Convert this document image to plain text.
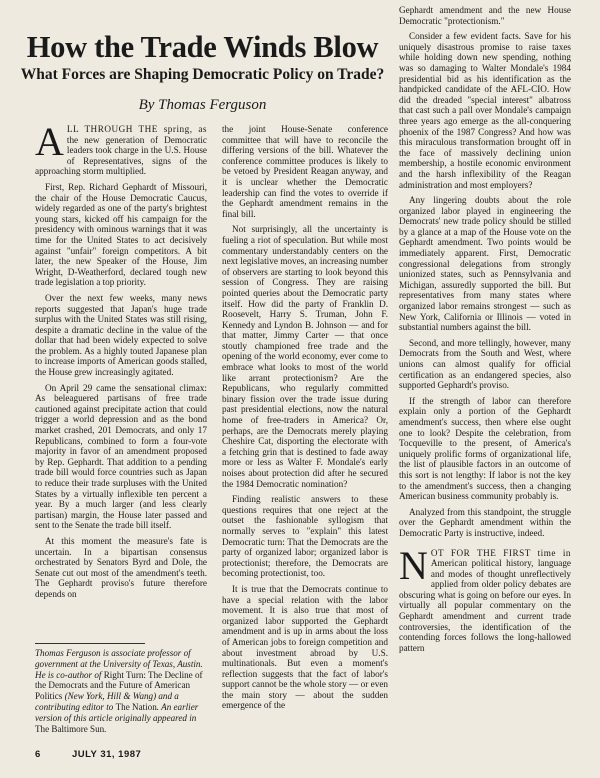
How the Trade Winds Blow
What Forces are Shaping Democratic Policy on Trade?
By Thomas Ferguson

ALL THROUGH THE spring, as the new generation of Democratic leaders took charge in the U.S. House of Representatives, signs of the approaching storm multiplied.

First, Rep. Richard Gephardt of Missouri, the chair of the House Democratic Caucus, widely regarded as one of the party's brightest young stars, kicked off his campaign for the presidency with ominous warnings that it was time for the United States to act decisively against "unfair" foreign competitors. A bit later, the new Speaker of the House, Jim Wright, D-Weatherford, declared tough new trade legislation a top priority.

Over the next few weeks, many news reports suggested that Japan's huge trade surplus with the United States was still rising, despite a dramatic decline in the value of the dollar that had been widely expected to solve the problem. As a highly touted Japanese plan to increase imports of American goods stalled, the House grew increasingly agitated.

On April 29 came the sensational climax: As beleaguered partisans of free trade cautioned against precipitate action that could trigger a world depression and as the bond market crashed, 201 Democrats, and only 17 Republicans, combined to form a four-vote majority in favor of an amendment proposed by Rep. Gephardt. That addition to a pending trade bill would force countries such as Japan to reduce their trade surpluses with the United States by a virtually inflexible ten percent a year. By a much larger (and less clearly partisan) margin, the House later passed and sent to the Senate the trade bill itself.

At this moment the measure's fate is uncertain. In a bipartisan consensus orchestrated by Senators Byrd and Dole, the Senate cut out most of the amendment's teeth. The Gephardt proviso's future therefore depends on

Thomas Ferguson is associate professor of government at the University of Texas, Austin. He is co-author of Right Turn: The Decline of the Democrats and the Future of American Politics (New York, Hill & Wang) and a contributing editor to The Nation. An earlier version of this article originally appeared in The Baltimore Sun.

the joint House-Senate conference committee that will have to reconcile the differing versions of the bill. Whatever the conference committee produces is likely to be vetoed by President Reagan anyway, and it is unclear whether the Democratic leadership can find the votes to override if the Gephardt amendment remains in the final bill.

Not surprisingly, all the uncertainty is fueling a riot of speculation. But while most commentary understandably centers on the next legislative moves, an increasing number of observers are starting to look beyond this session of Congress. They are raising pointed queries about the Democratic party itself. How did the party of Franklin D. Roosevelt, Harry S. Truman, John F. Kennedy and Lyndon B. Johnson — and for that matter, Jimmy Carter — that once stoutly championed free trade and the opening of the world economy, ever come to embrace what looks to most of the world like arrant protectionism? Are the Republicans, who regularly committed binary fission over the trade issue during past presidential elections, now the natural home of free-traders in America? Or, perhaps, are the Democrats merely playing Cheshire Cat, disporting the electorate with a fetching grin that is destined to fade away more or less as Walter F. Mondale's early noises about protection did after he secured the 1984 Democratic nomination?

Finding realistic answers to these questions requires that one reject at the outset the fashionable syllogism that normally serves to "explain" this latest Democratic turn: That the Democrats are the party of organized labor; organized labor is protectionist; therefore, the Democrats are becoming protectionist, too.

It is true that the Democrats continue to have a special relation with the labor movement. It is also true that most of organized labor supported the Gephardt amendment and is up in arms about the loss of American jobs to foreign competition and about investment abroad by U.S. multinationals. But even a moment's reflection suggests that the fact of labor's support cannot be the whole story — or even the main story — about the sudden emergence of the

Gephardt amendment and the new House Democratic "protectionism."

Consider a few evident facts. Save for his uniquely disastrous promise to raise taxes while holding down new spending, nothing was so damaging to Walter Mondale's 1984 presidential bid as his identification as the handpicked candidate of the AFL-CIO. How did the dreaded "special interest" albatross that cast such a pall over Mondale's campaign three years ago emerge as the all-conquering phoenix of the 1987 Congress? And how was this miraculous transformation brought off in the face of massively declining union membership, a hostile economic environment and the harsh inflexibility of the Reagan administration and most employers?

Any lingering doubts about the role organized labor played in engineering the Democrats' new trade policy should be stilled by a glance at a map of the House vote on the Gephardt amendment. Two points would be immediately apparent. First, Democratic congressional delegations from strongly unionized states, such as Pennsylvania and Michigan, assuredly supported the bill. But representatives from many states where organized labor remains strongest — such as New York, California or Illinois — voted in substantial numbers against the bill.

Second, and more tellingly, however, many Democrats from the South and West, where unions can almost qualify for official certification as an endangered species, also supported Gephardt's proviso.

If the strength of labor can therefore explain only a portion of the Gephardt amendment's success, then where else ought one to look? Despite the celebration, from Tocqueville to the present, of America's uniquely prolific forms of organizational life, the list of plausible factors in an outcome of this sort is not lengthy: If labor is not the key to the amendment's success, then a changing American business community probably is.

Analyzed from this standpoint, the struggle over the Gephardt amendment within the Democratic Party is instructive, indeed.

NOT FOR THE FIRST time in American political history, language and modes of thought unreflectively applied from older policy debates are obscuring what is going on before our eyes. In virtually all popular commentary on the Gephardt amendment and current trade controversies, the identification of the contending forces follows the long-hallowed pattern

6	JULY 31, 1987
